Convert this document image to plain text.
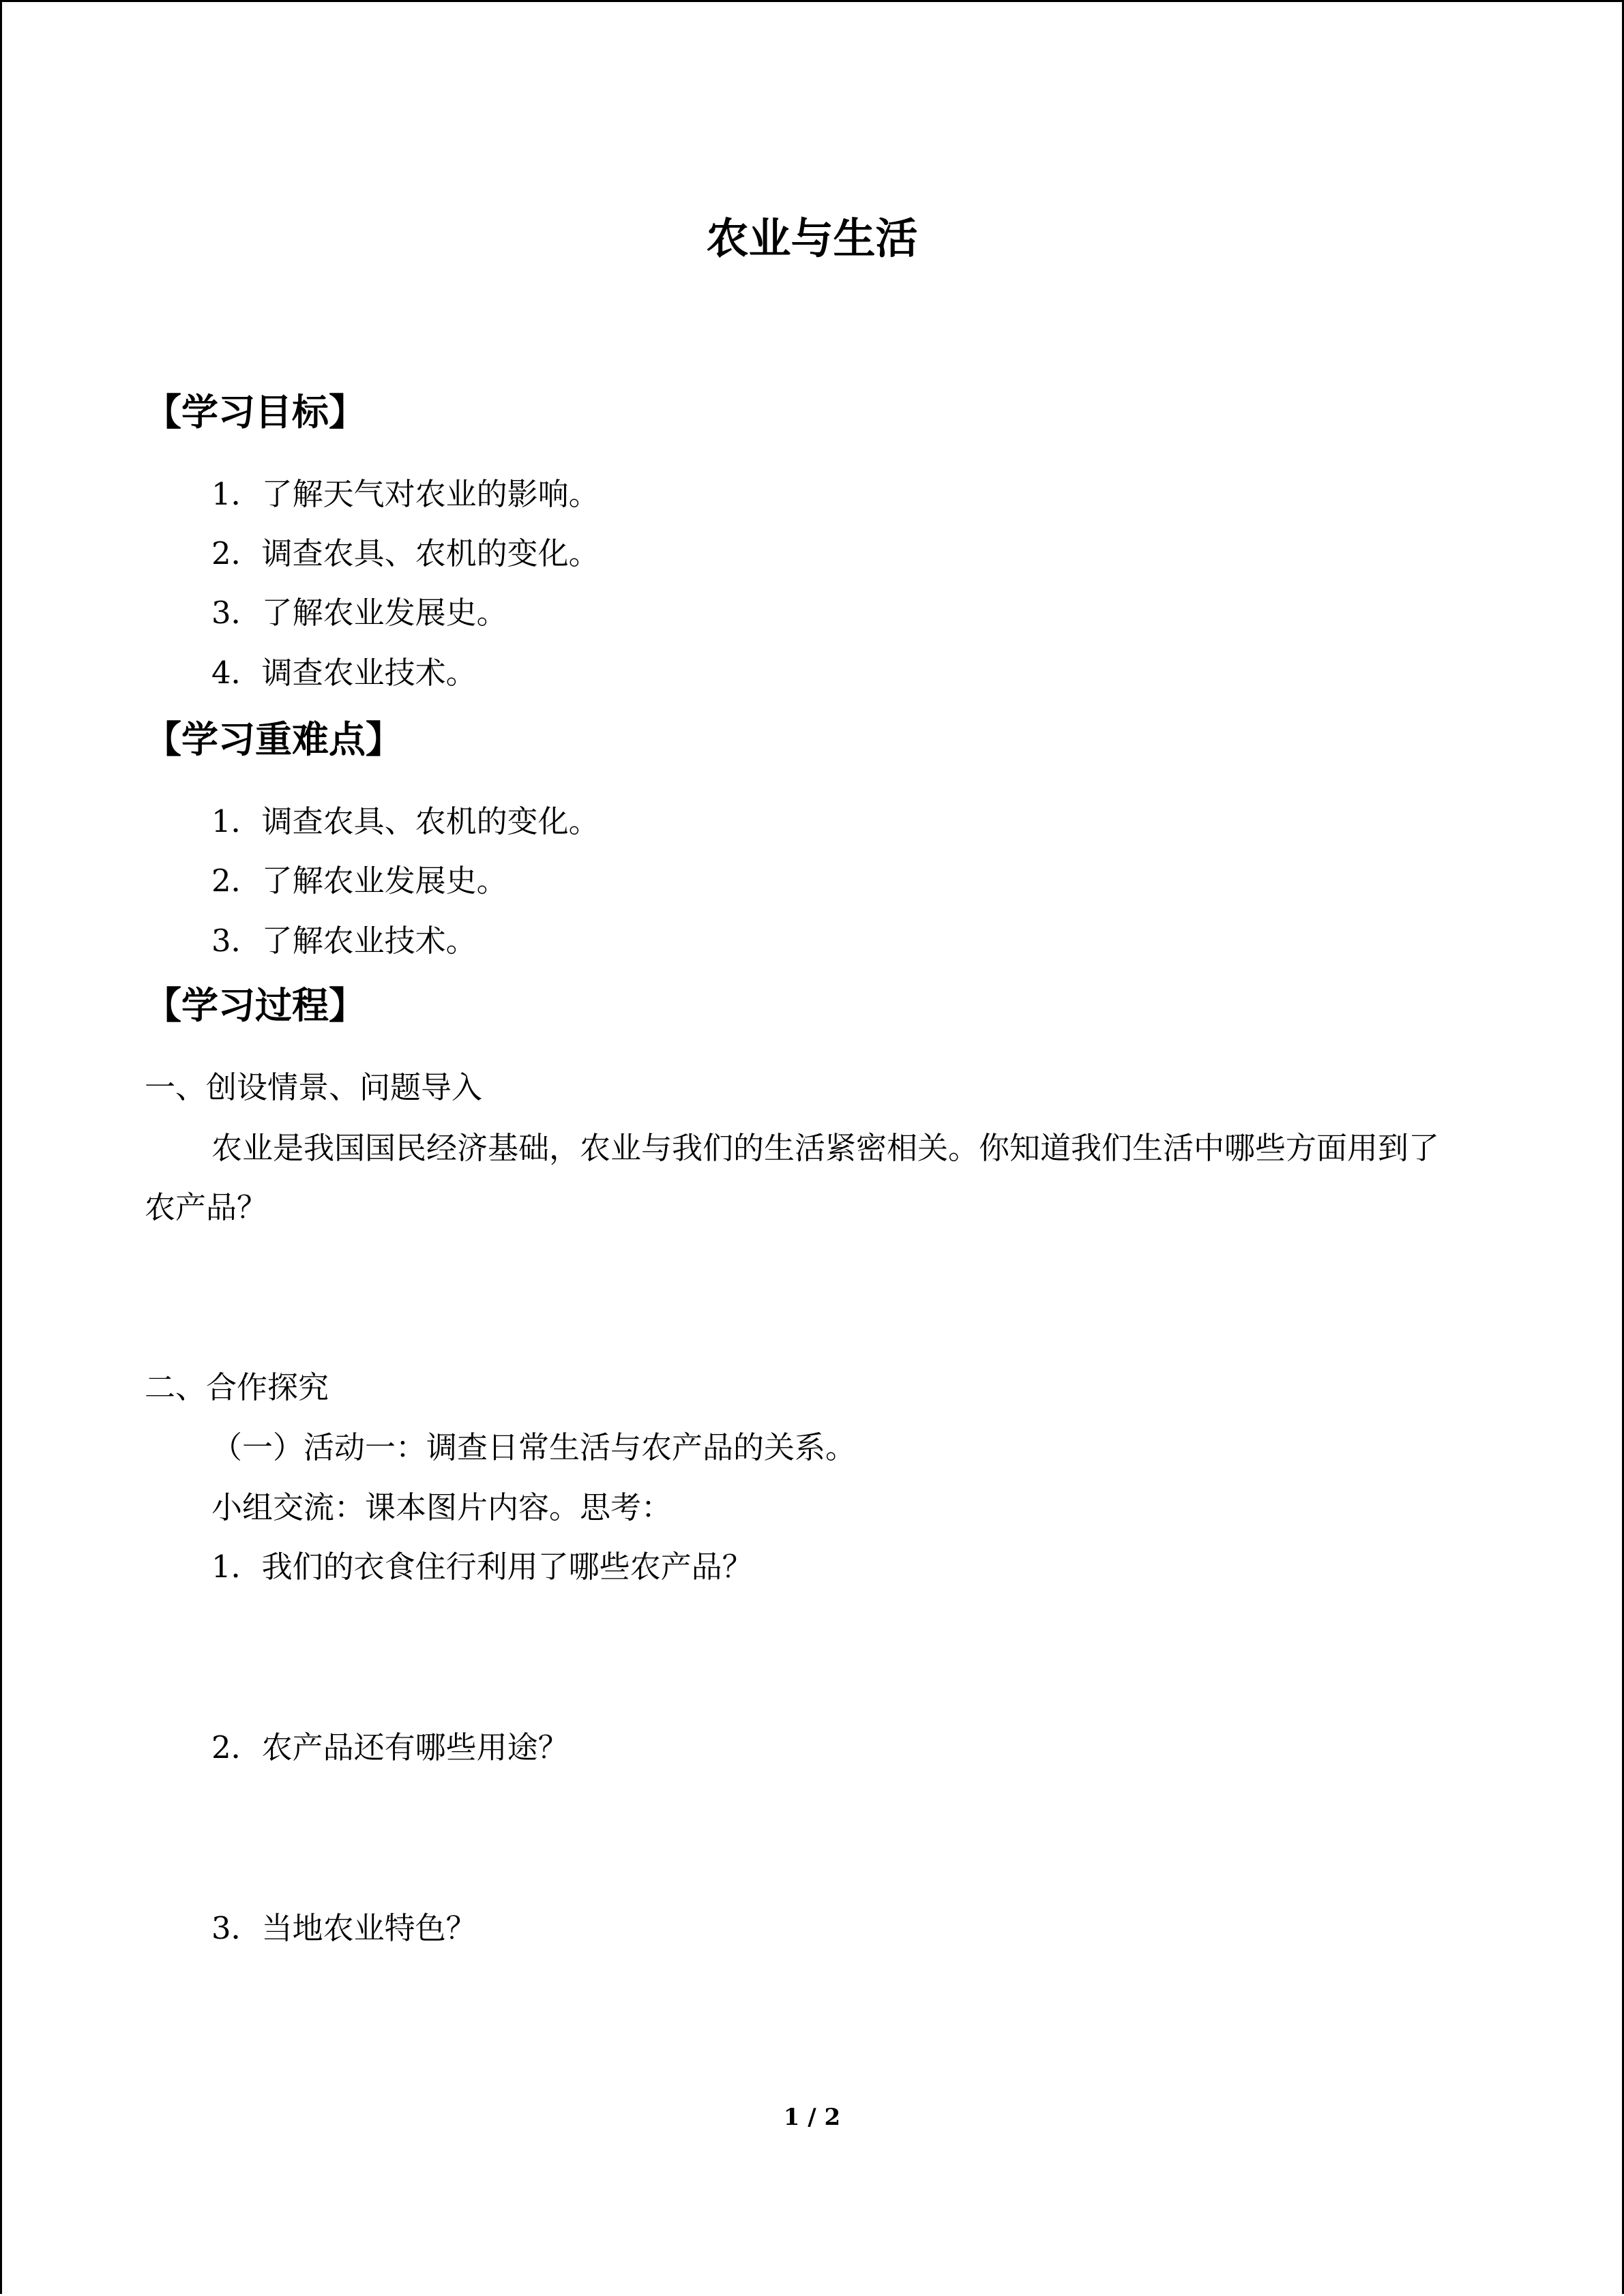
农业与生活
【学习目标】
1．了解天气对农业的影响。
2．调查农具、农机的变化。
3．了解农业发展史。
4．调查农业技术。
【学习重难点】
1．调查农具、农机的变化。
2．了解农业发展史。
3．了解农业技术。
【学习过程】
一、创设情景、问题导入
农业是我国国民经济基础，农业与我们的生活紧密相关。你知道我们生活中哪些方面用到了农产品？
二、合作探究
（一）活动一：调查日常生活与农产品的关系。
小组交流：课本图片内容。思考：
1．我们的衣食住行利用了哪些农产品？
2．农产品还有哪些用途？
3．当地农业特色？
1 / 2
